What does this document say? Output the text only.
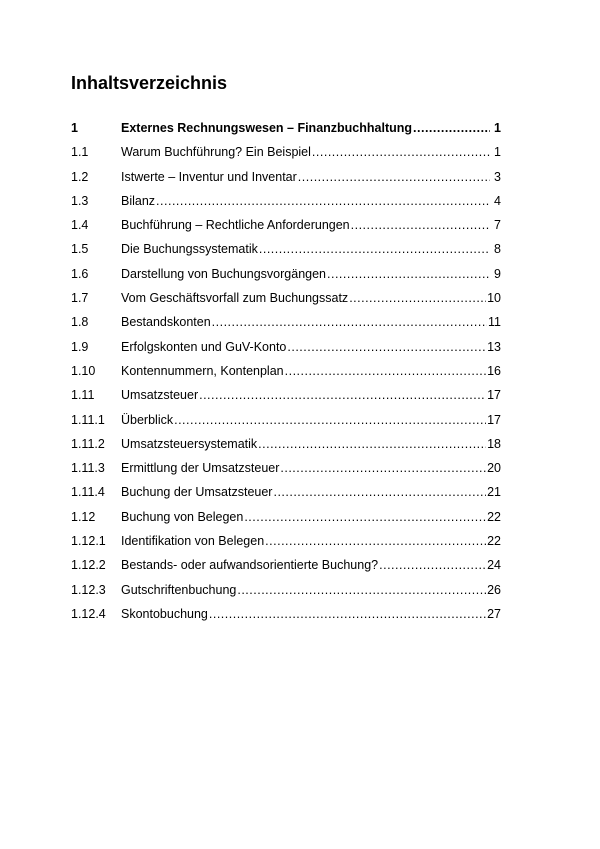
Inhaltsverzeichnis
1	Externes Rechnungswesen – Finanzbuchhaltung .....	1
1.1	Warum Buchführung? Ein Beispiel .....	1
1.2	Istwerte – Inventur und Inventar .....	3
1.3	Bilanz .....	4
1.4	Buchführung – Rechtliche Anforderungen .....	7
1.5	Die Buchungssystematik .....	8
1.6	Darstellung von Buchungsvorgängen .....	9
1.7	Vom Geschäftsvorfall zum Buchungssatz .....	10
1.8	Bestandskonten .....	11
1.9	Erfolgskonten und GuV-Konto .....	13
1.10	Kontennummern, Kontenplan .....	16
1.11	Umsatzsteuer .....	17
1.11.1	Überblick .....	17
1.11.2	Umsatzsteuersystematik .....	18
1.11.3	Ermittlung der Umsatzsteuer .....	20
1.11.4	Buchung der Umsatzsteuer .....	21
1.12	Buchung von Belegen .....	22
1.12.1	Identifikation von Belegen .....	22
1.12.2	Bestands- oder aufwandsorientierte Buchung? .....	24
1.12.3	Gutschriftenbuchung .....	26
1.12.4	Skontobuchung .....	27
